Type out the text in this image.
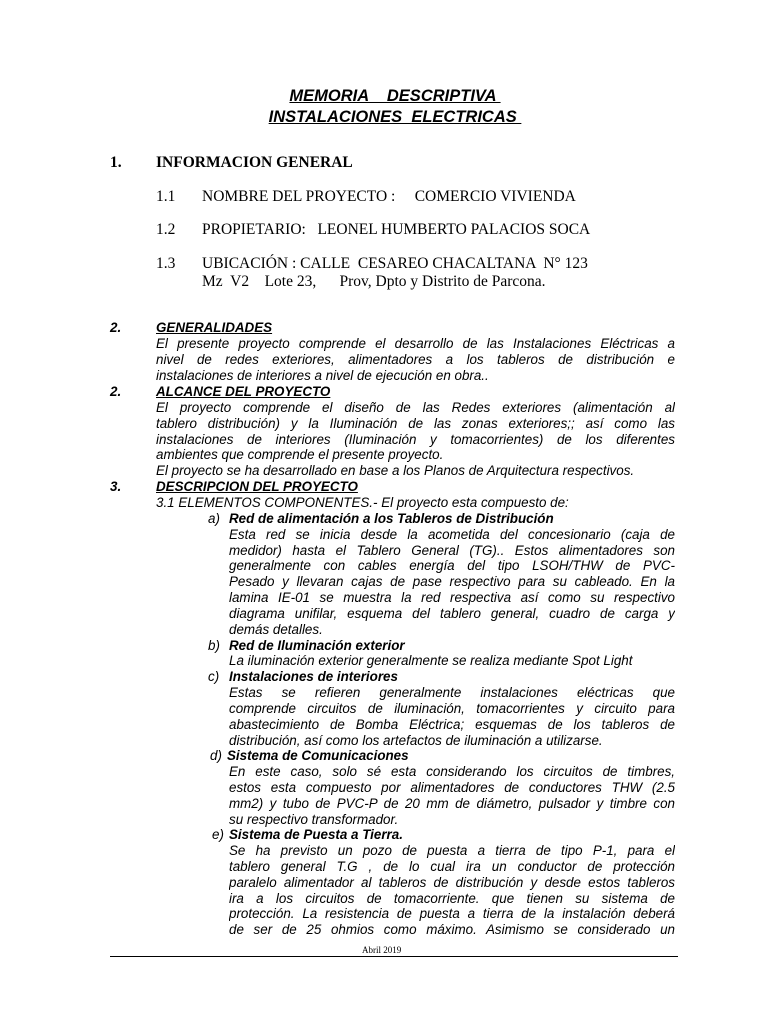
MEMORIA    DESCRIPTIVA
INSTALACIONES  ELECTRICAS
1. INFORMACION GENERAL
1.1 NOMBRE DEL PROYECTO :     COMERCIO VIVIENDA
1.2 PROPIETARIO:   LEONEL HUMBERTO PALACIOS SOCA
1.3 UBICACIÓN : CALLE  CESAREO CHACALTANA  N° 123
Mz  V2    Lote 23,      Prov, Dpto y Distrito de Parcona.
2.	GENERALIDADES
El presente proyecto comprende el desarrollo de las Instalaciones Eléctricas a
nivel de redes exteriores, alimentadores a los tableros de distribución e
instalaciones de interiores a nivel de ejecución en obra..
2.	ALCANCE DEL PROYECTO
El proyecto comprende el diseño de las Redes exteriores (alimentación al
tablero distribución) y la Iluminación de las zonas exteriores;; así como las
instalaciones de interiores (Iluminación y tomacorrientes) de los diferentes
ambientes que comprende el presente proyecto.
El proyecto se ha desarrollado en base a los Planos de Arquitectura respectivos.
3.	DESCRIPCION DEL PROYECTO
3.1 ELEMENTOS COMPONENTES.- El proyecto esta compuesto de:
a) Red de alimentación a los Tableros de Distribución
Esta red se inicia desde la acometida del concesionario (caja de
medidor) hasta el Tablero General (TG).. Estos alimentadores son
generalmente con cables energía del tipo LSOH/THW de PVC-
Pesado y llevaran cajas de pase respectivo para su cableado. En la
lamina IE-01 se muestra la red respectiva así como su respectivo
diagrama unifilar, esquema del tablero general, cuadro de carga y
demás detalles.
b) Red de Iluminación exterior
La iluminación exterior generalmente se realiza mediante Spot Light
c) Instalaciones de interiores
Estas se refieren generalmente instalaciones eléctricas que
comprende circuitos de iluminación, tomacorrientes y circuito para
abastecimiento de Bomba Eléctrica; esquemas de los tableros de
distribución, así como los artefactos de iluminación a utilizarse.
d) Sistema de Comunicaciones
En este caso, solo sé esta considerando los circuitos de timbres,
estos esta compuesto por alimentadores de conductores THW (2.5
mm2) y tubo de PVC-P de 20 mm de diámetro, pulsador y timbre con
su respectivo transformador.
e) Sistema de Puesta a Tierra.
Se ha previsto un pozo de puesta a tierra de tipo P-1, para el
tablero general T.G , de lo cual ira un conductor de protección
paralelo alimentador al tableros de distribución y desde estos tableros
ira a los circuitos de tomacorriente. que tienen su sistema de
protección. La resistencia de puesta a tierra de la instalación deberá
de ser de 25 ohmios como máximo. Asimismo se considerado un
Abril 2019
